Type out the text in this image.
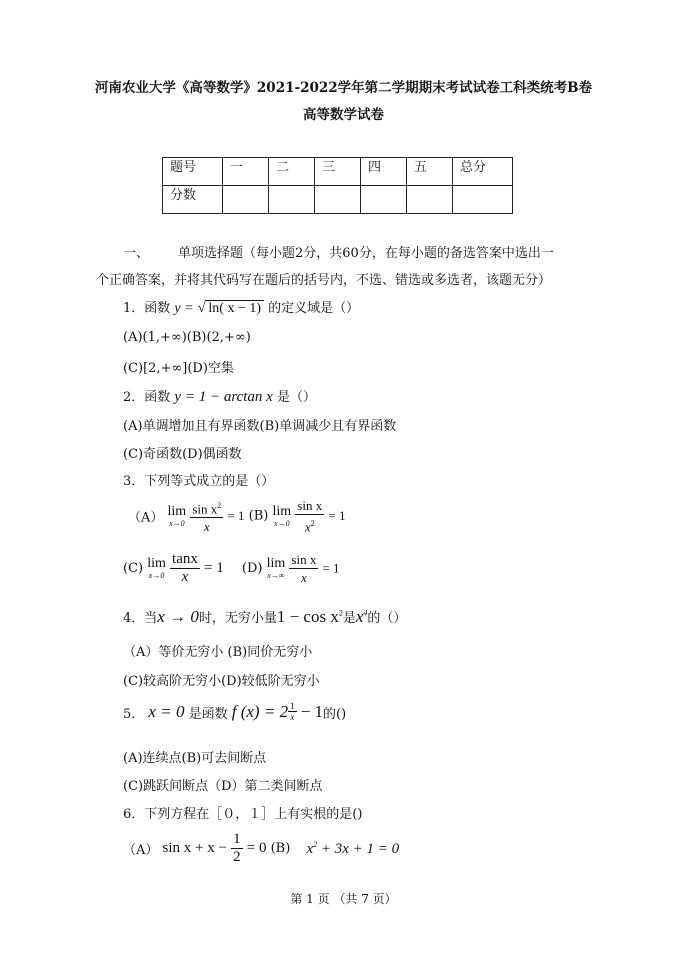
河南农业大学《高等数学》2021-2022学年第二学期期末考试试卷工科类统考B卷
高等数学试卷
题号	一	二	三	四	五	总分
分数						
一、 单项选择题（每小题2分，共60分，在每小题的备选答案中选出一
个正确答案，并将其代码写在题后的括号内，不选、错选或多选者，该题无分）
1．函数 y = √ ln( x − 1) 的定义域是（）
(A)(1,+∞)(B)(2,+∞)
(C)[2,+∞](D)空集
2．函数 y = 1 − arctan x 是（）
(A)单调增加且有界函数(B)单调减少且有界函数
(C)奇函数(D)偶函数
3．下列等式成立的是（）
（A） lim
x→0
$\frac{\sin x^2}{x} = 1$ (B) lim
x→0
$\frac{\text{sin x}}{x^2} = 1$
(C) lim
x→0
$\frac{\tan x}{x} = 1$ (D) lim
x→∞
$\frac{\text{sin x}}{x} = 1$
4．当x → 0时，无穷小量$1 - \cos x^2$是$x^4$的（）
（A）等价无穷小 (B)同价无穷小
(C)较高阶无穷小(D)较低阶无穷小
5． x = 0 是函数 f $(x) = 2 \frac{1}{x} - 1$的()
(A)连续点(B)可去间断点
(C)跳跃间断点（D）第二类间断点
6．下列方程在［０，１］上有实根的是()
（A） $\sin x + x - \frac{1}{2} = 0$ (B) $x^2 + 3x + 1 = 0$
第 1 页 （共 7 页）
